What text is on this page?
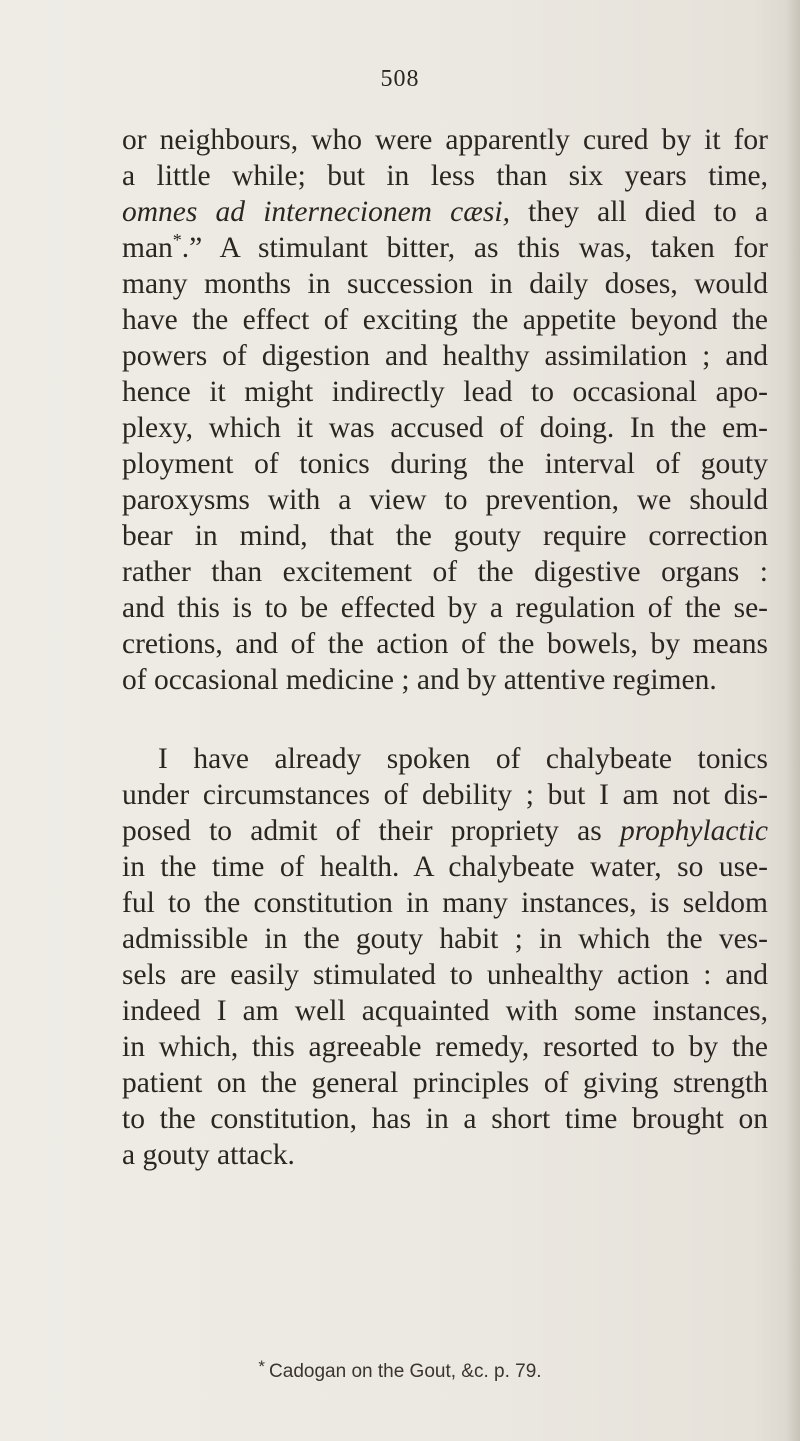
508
or neighbours, who were apparently cured by it for
a little while; but in less than six years time,
omnes ad internecionem cæsi, they all died to a
man*.” A stimulant bitter, as this was, taken for
many months in succession in daily doses, would
have the effect of exciting the appetite beyond the
powers of digestion and healthy assimilation ; and
hence it might indirectly lead to occasional apo-
plexy, which it was accused of doing. In the em-
ployment of tonics during the interval of gouty
paroxysms with a view to prevention, we should
bear in mind, that the gouty require correction
rather than excitement of the digestive organs :
and this is to be effected by a regulation of the se-
cretions, and of the action of the bowels, by means
of occasional medicine ; and by attentive regimen.
I have already spoken of chalybeate tonics
under circumstances of debility ; but I am not dis-
posed to admit of their propriety as prophylactic
in the time of health. A chalybeate water, so use-
ful to the constitution in many instances, is seldom
admissible in the gouty habit ; in which the ves-
sels are easily stimulated to unhealthy action : and
indeed I am well acquainted with some instances,
in which, this agreeable remedy, resorted to by the
patient on the general principles of giving strength
to the constitution, has in a short time brought on
a gouty attack.
* Cadogan on the Gout, &c. p. 79.
